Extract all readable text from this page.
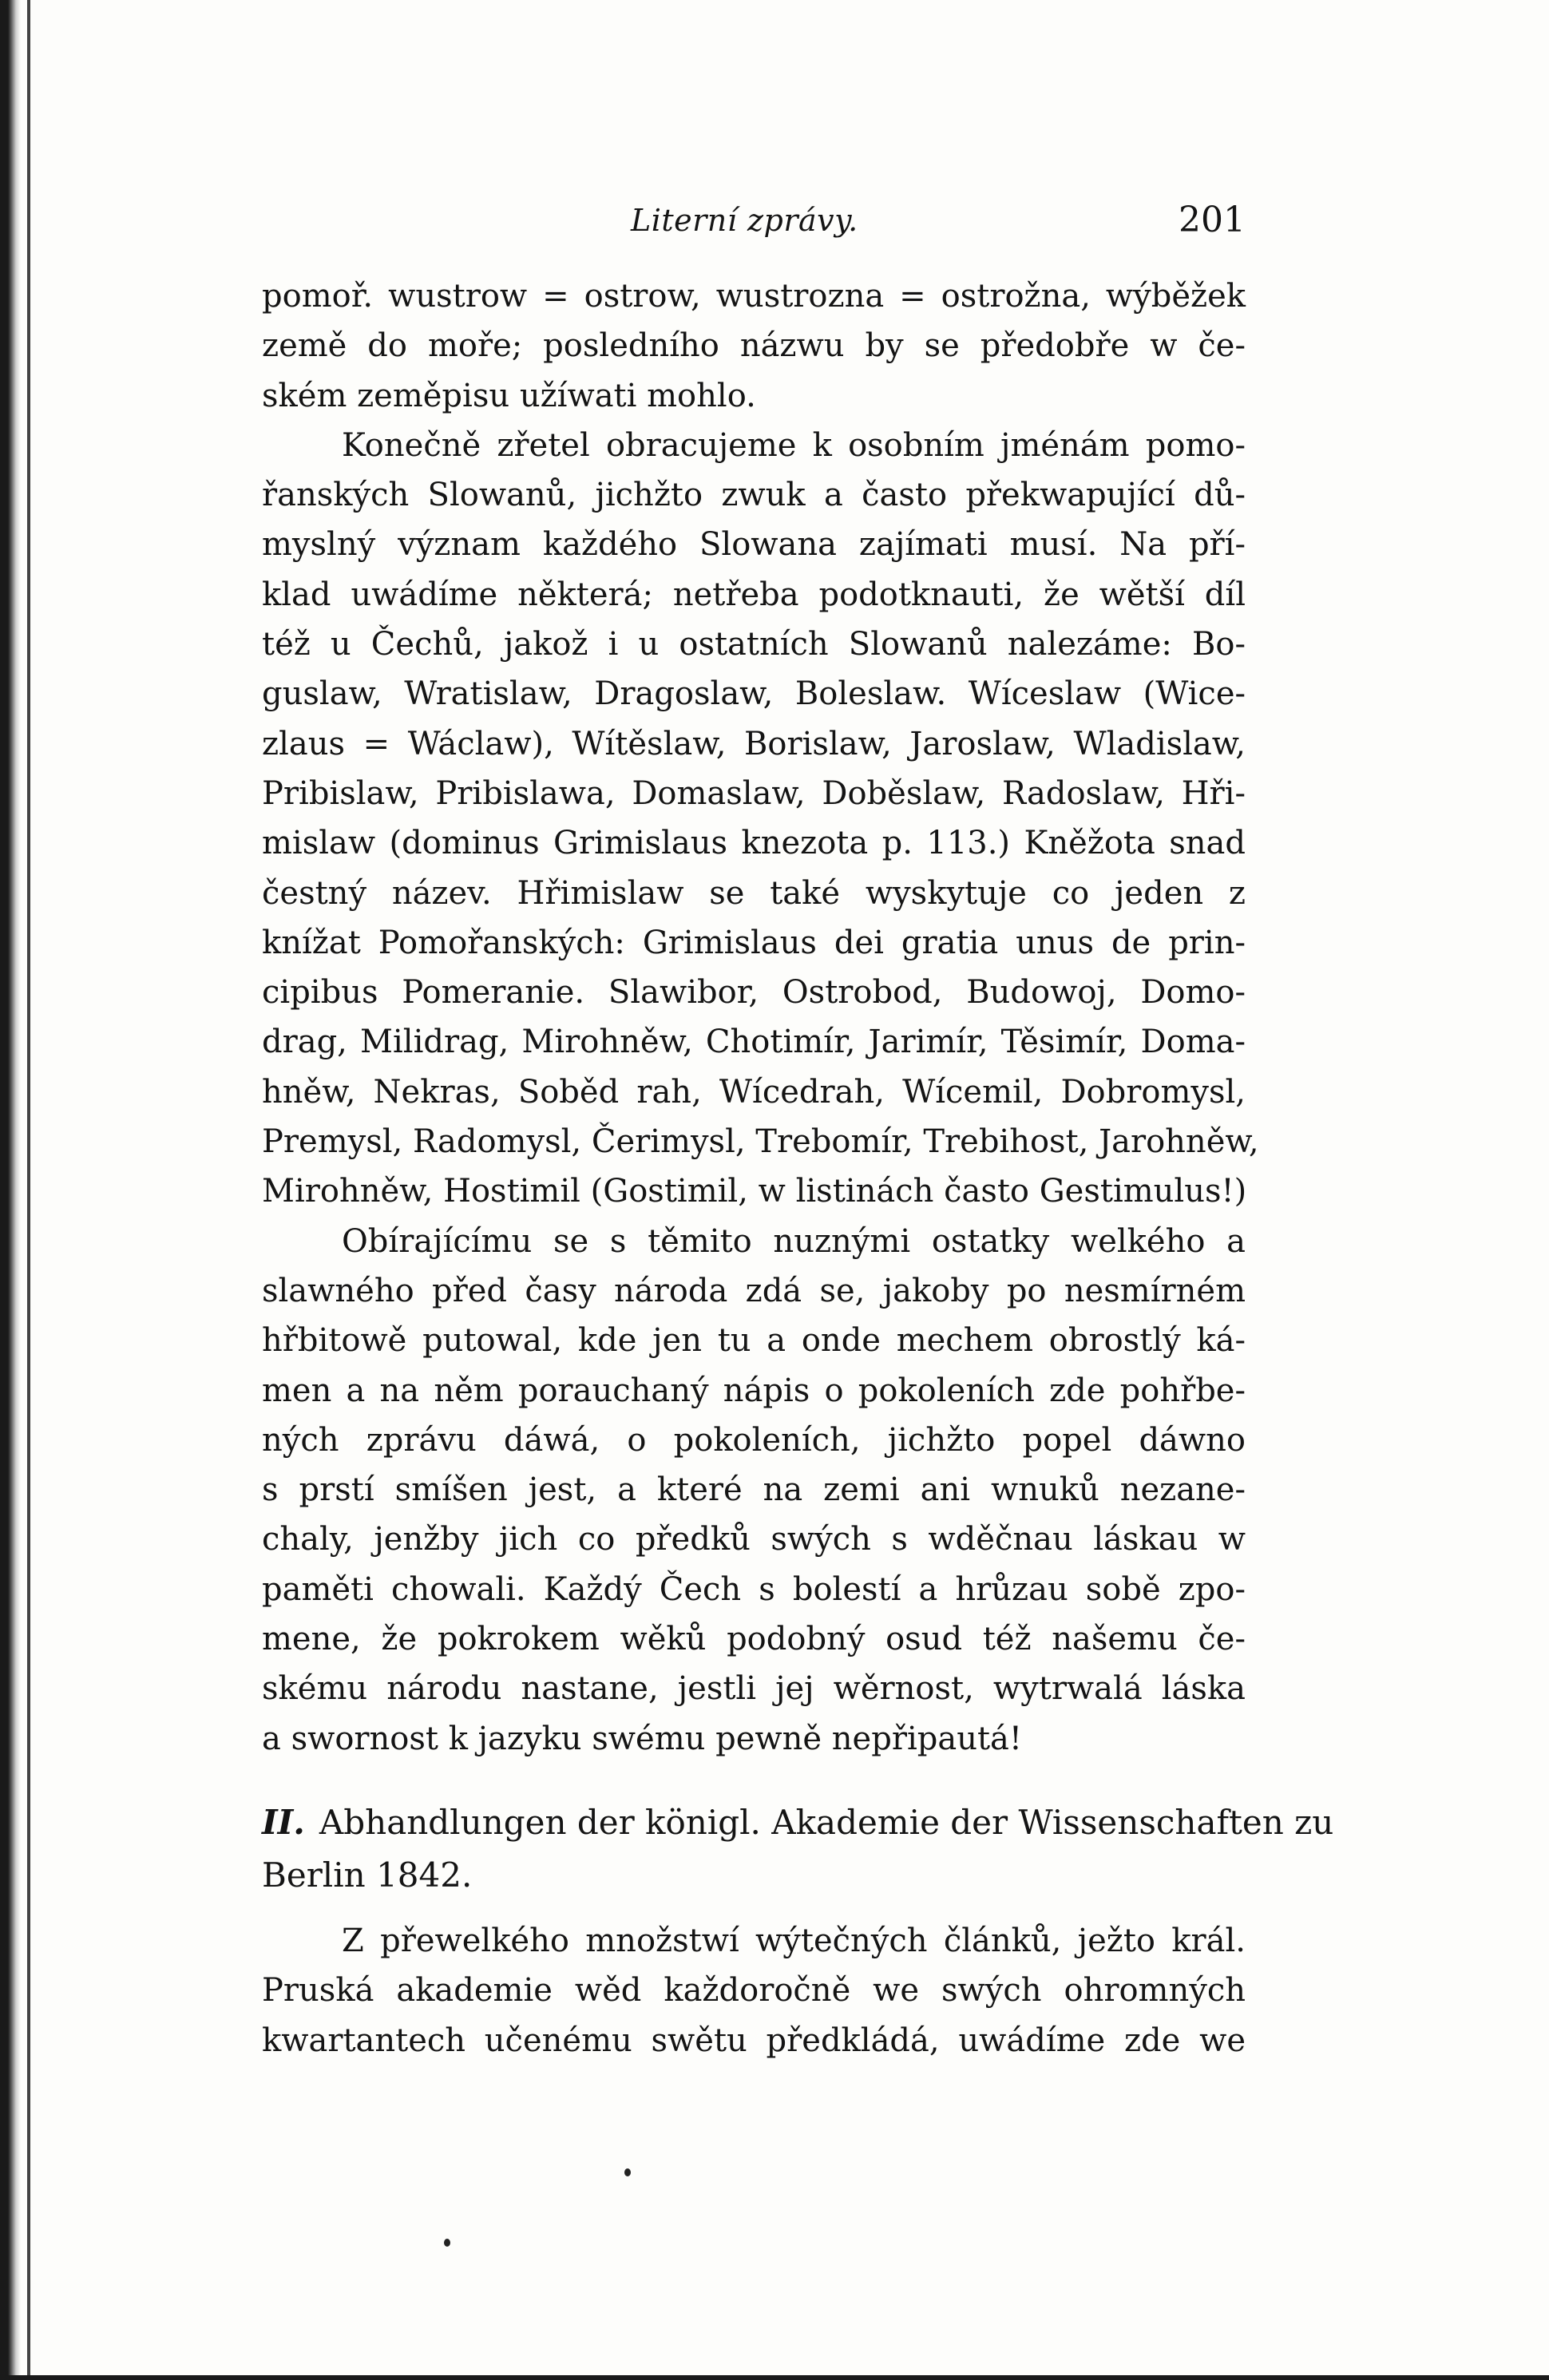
Literní zprávy.	201
pomoř. wustrow = ostrow, wustrozna = ostrožna, wýběžek
země do moře; posledního názwu by se předobře w če-
ském zeměpisu užíwati mohlo.
Konečně zřetel obracujeme k osobním jménám pomo-
řanských Slowanů, jichžto zwuk a často překwapující dů-
myslný význam každého Slowana zajímati musí. Na pří-
klad uwádíme některá; netřeba podotknauti, že wětší díl
též u Čechů, jakož i u ostatních Slowanů nalezáme: Bo-
guslaw, Wratislaw, Dragoslaw, Boleslaw. Wíceslaw (Wice-
zlaus = Wáclaw), Wítěslaw, Borislaw, Jaroslaw, Wladislaw,
Pribislaw, Pribislawa, Domaslaw, Doběslaw, Radoslaw, Hři-
mislaw (dominus Grimislaus knezota p. 113.) Kněžota snad
čestný název. Hřimislaw se také wyskytuje co jeden z
knížat Pomořanských: Grimislaus dei gratia unus de prin-
cipibus Pomeranie. Slawibor, Ostrobod, Budowoj, Domo-
drag, Milidrag, Mirohněw, Chotimír, Jarimír, Těsimír, Doma-
hněw, Nekras, Soběd rah, Wícedrah, Wícemil, Dobromysl,
Premysl, Radomysl, Čerimysl, Trebomír, Trebihost, Jarohněw,
Mirohněw, Hostimil (Gostimil, w listinách často Gestimulus!)
Obírajícímu se s těmito nuznými ostatky welkého a
slawného před časy národa zdá se, jakoby po nesmírném
hřbitowě putowal, kde jen tu a onde mechem obrostlý ká-
men a na něm porauchaný nápis o pokoleních zde pohřbe-
ných zprávu dáwá, o pokoleních, jichžto popel dáwno
s prstí smíšen jest, a které na zemi ani wnuků nezane-
chaly, jenžby jich co předků swých s wděčnau láskau w
paměti chowali. Každý Čech s bolestí a hrůzau sobě zpo-
mene, že pokrokem wěků podobný osud též našemu če-
skému národu nastane, jestli jej wěrnost, wytrwalá láska
a swornost k jazyku swému pewně nepřipautá!
II. Abhandlungen der königl. Akademie der Wissenschaften zu
Berlin 1842.
Z přewelkého množstwí wýtečných článků, ježto král.
Pruská akademie wěd každoročně we swých ohromných
kwartantech učenému swětu předkládá, uwádíme zde we
